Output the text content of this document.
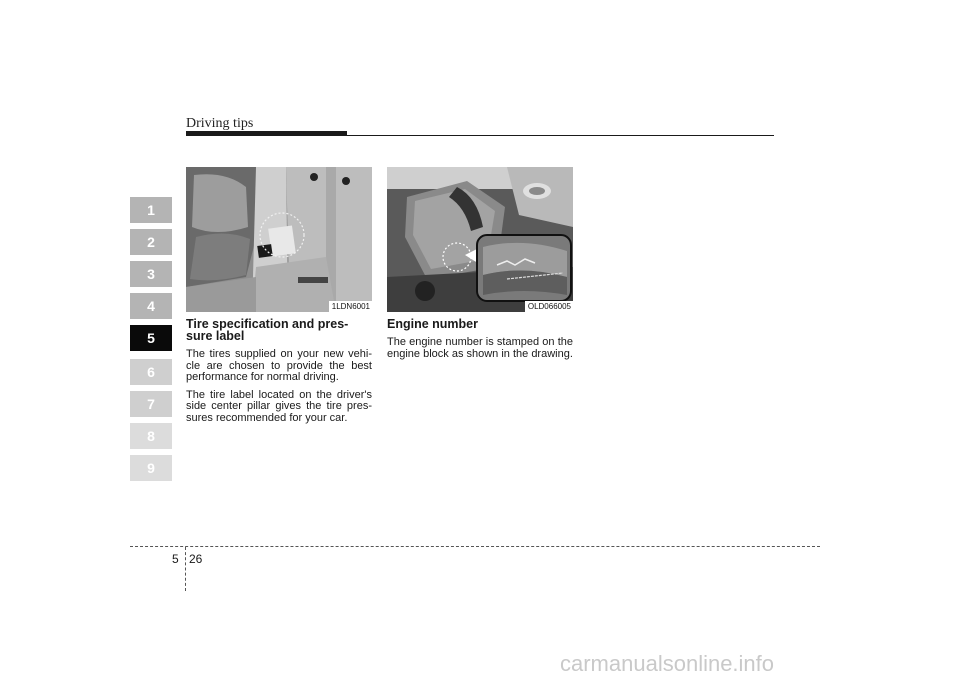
Driving tips
1
2
3
4
5
6
7
8
9
1LDN6001	OLD066005
Tire specification and pres-
sure label

The tires supplied on your new vehi-cle are chosen to provide the best performance for normal driving.

The tire label located on the driver's side center pillar gives the tire pres-sures recommended for your car.

Engine number

The engine number is stamped on the engine block as shown in the drawing.

5 26
carmanualsonline.info
